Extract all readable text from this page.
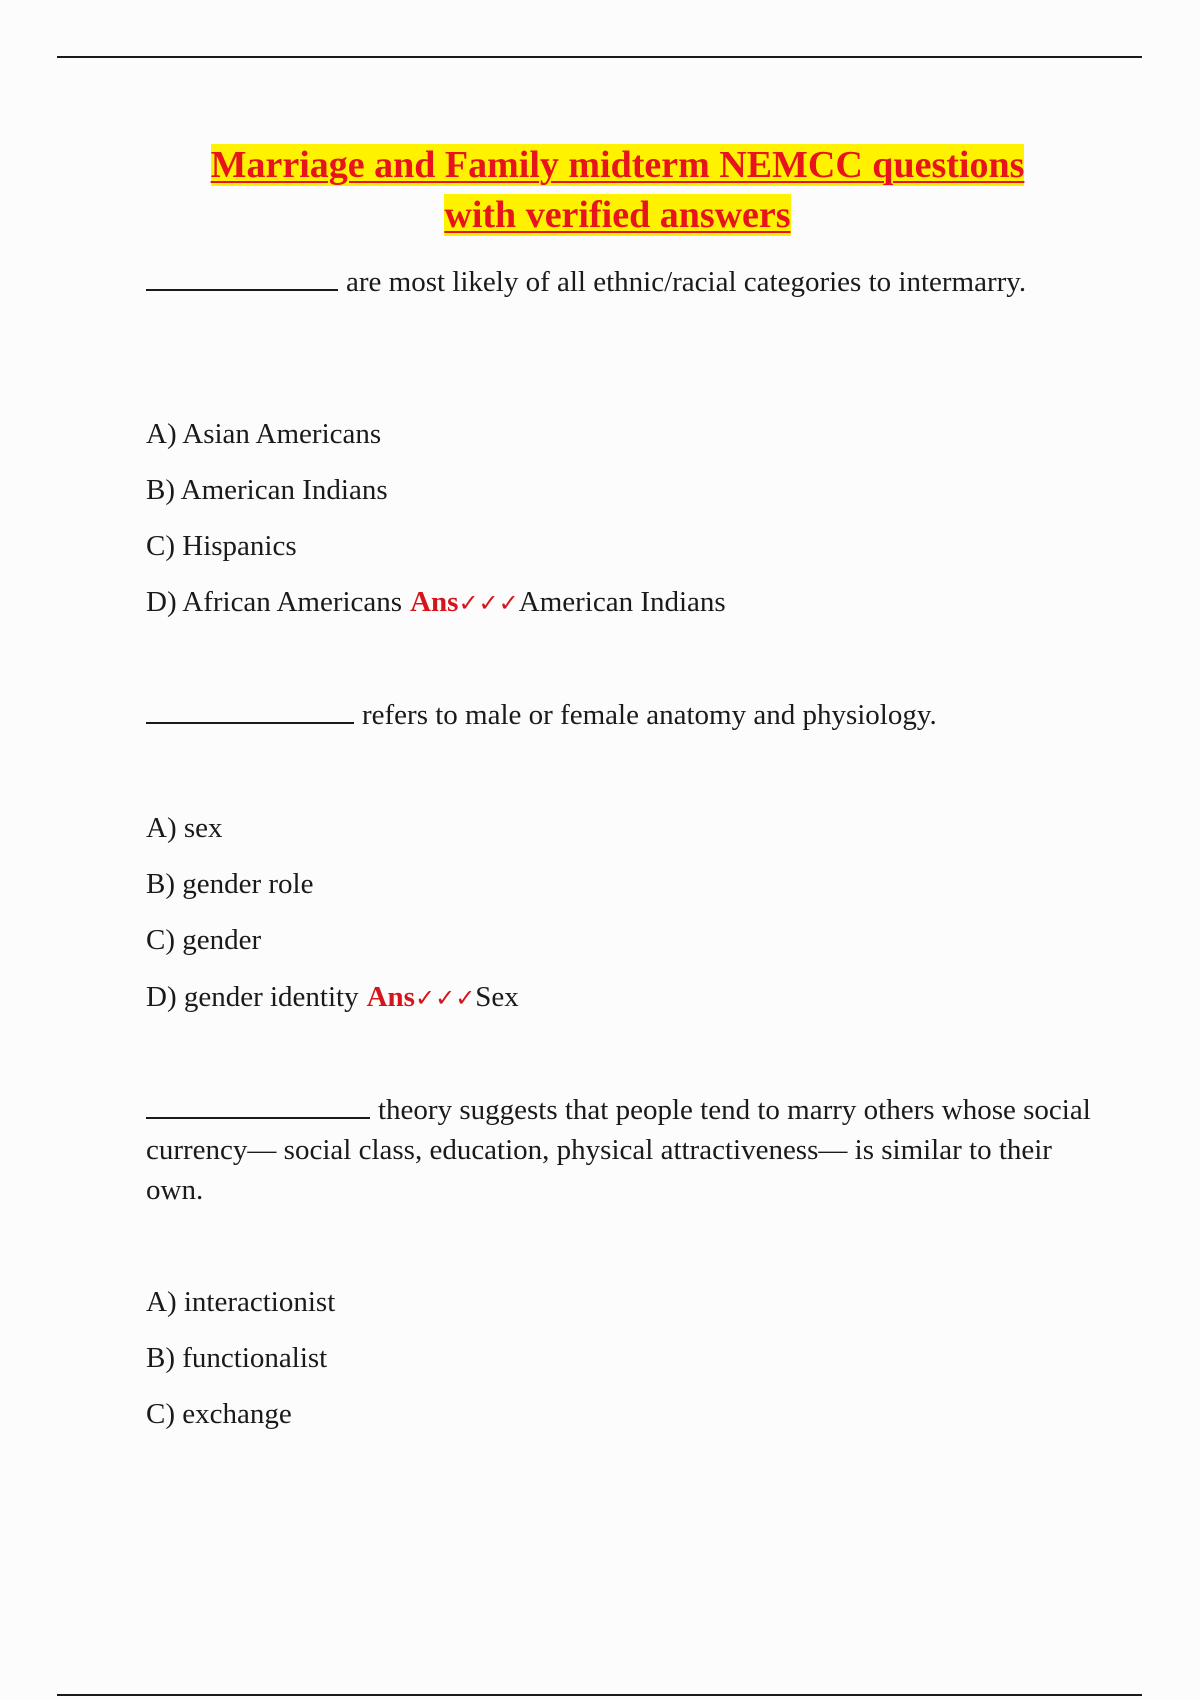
Marriage and Family midterm NEMCC questions
with verified answers

are most likely of all ethnic/racial categories to intermarry.

A) Asian Americans
B) American Indians
C) Hispanics
D) African Americans Ans✓✓✓American Indians

refers to male or female anatomy and physiology.

A) sex
B) gender role
C) gender
D) gender identity Ans✓✓✓Sex

theory suggests that people tend to marry others whose social currency— social class, education, physical attractiveness— is similar to their own.

A) interactionist
B) functionalist
C) exchange
